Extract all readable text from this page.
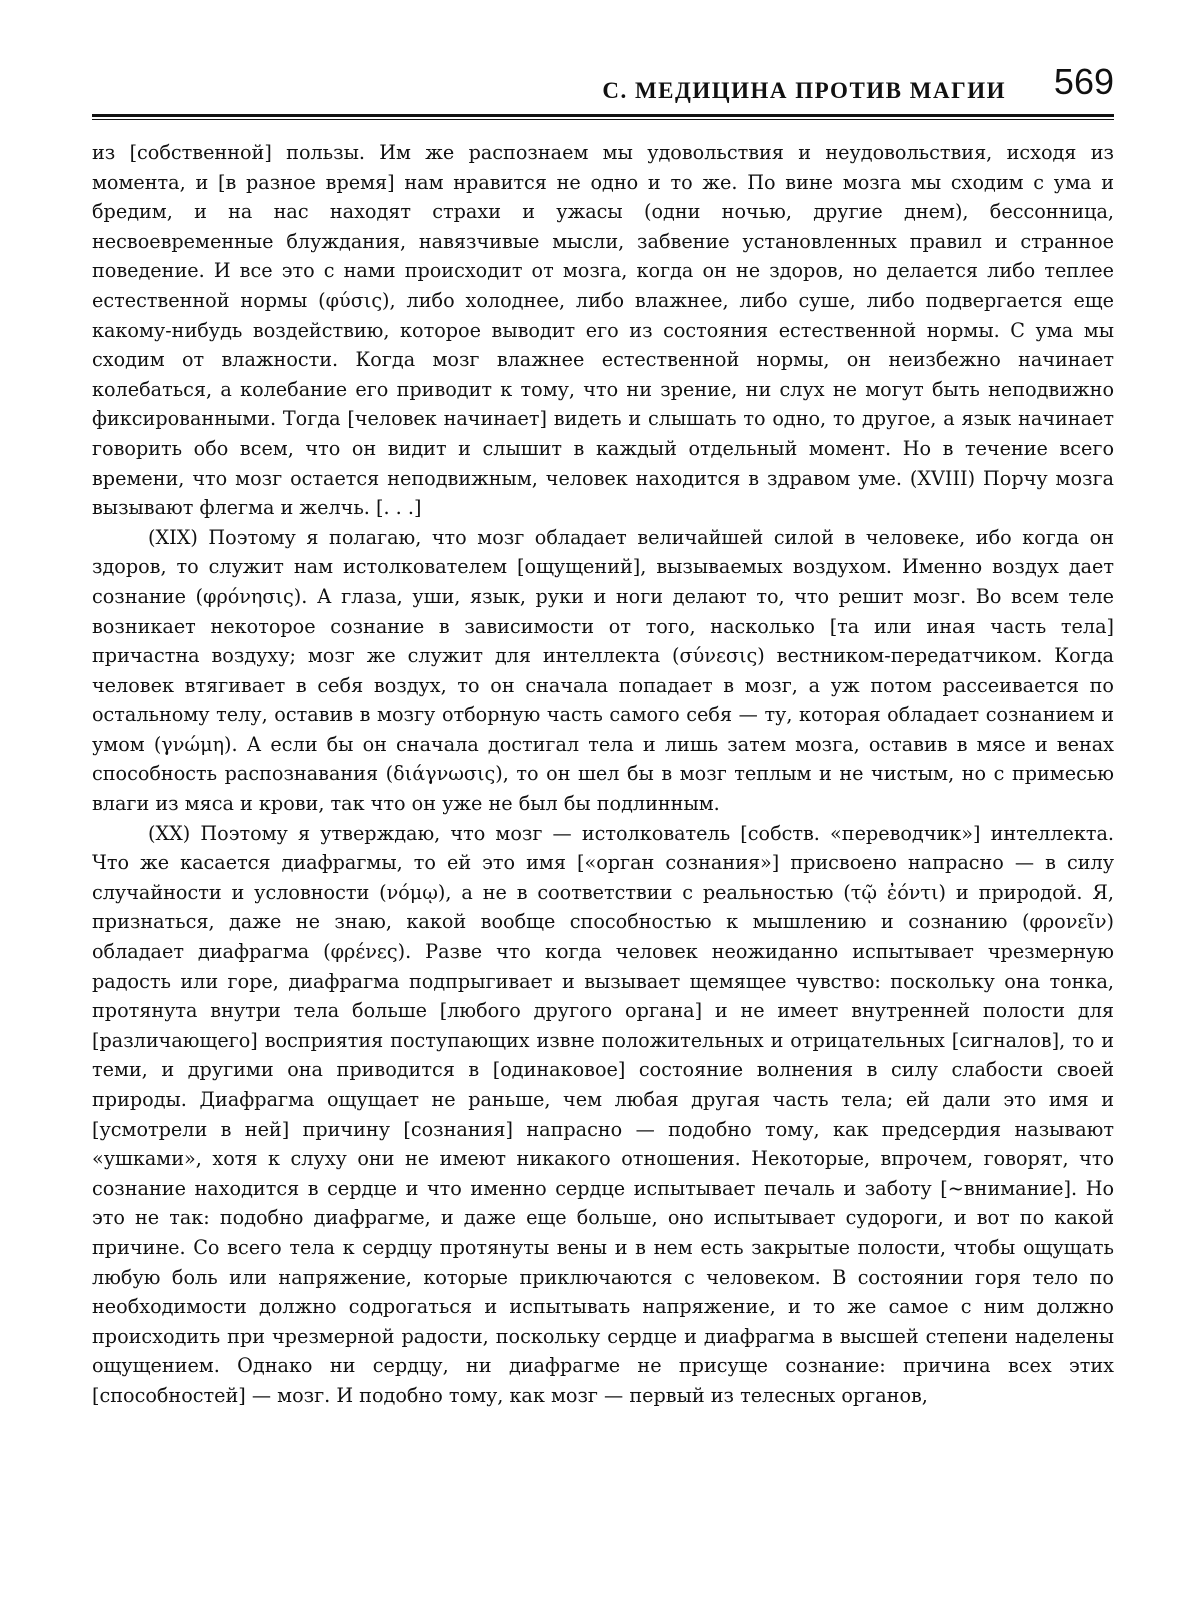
С. МЕДИЦИНА ПРОТИВ МАГИИ 569

из [собственной] пользы. Им же распознаем мы удовольствия и неудовольствия, исходя из момента, и [в разное время] нам нравится не одно и то же. По вине мозга мы сходим с ума и бредим, и на нас находят страхи и ужасы (одни ночью, другие днем), бессонница, несвоевременные блуждания, навязчивые мысли, забвение установленных правил и странное поведение. И все это с нами происходит от мозга, когда он не здоров, но делается либо теплее естественной нормы (φύσις), либо холоднее, либо влажнее, либо суше, либо подвергается еще какому-нибудь воздействию, которое выводит его из состояния естественной нормы. С ума мы сходим от влажности. Когда мозг влажнее естественной нормы, он неизбежно начинает колебаться, а колебание его приводит к тому, что ни зрение, ни слух не могут быть неподвижно фиксированными. Тогда [человек начинает] видеть и слышать то одно, то другое, а язык начинает говорить обо всем, что он видит и слышит в каждый отдельный момент. Но в течение всего времени, что мозг остается неподвижным, человек находится в здравом уме. (XVIII) Порчу мозга вызывают флегма и желчь. [. . .]

(XIX) Поэтому я полагаю, что мозг обладает величайшей силой в человеке, ибо когда он здоров, то служит нам истолкователем [ощущений], вызываемых воздухом. Именно воздух дает сознание (φρόνησις). А глаза, уши, язык, руки и ноги делают то, что решит мозг. Во всем теле возникает некоторое сознание в зависимости от того, насколько [та или иная часть тела] причастна воздуху; мозг же служит для интеллекта (σύνεσις) вестником-передатчиком. Когда человек втягивает в себя воздух, то он сначала попадает в мозг, а уж потом рассеивается по остальному телу, оставив в мозгу отборную часть самого себя — ту, которая обладает сознанием и умом (γνώμη). А если бы он сначала достигал тела и лишь затем мозга, оставив в мясе и венах способность распознавания (διάγνωσις), то он шел бы в мозг теплым и не чистым, но с примесью влаги из мяса и крови, так что он уже не был бы подлинным.

(XX) Поэтому я утверждаю, что мозг — истолкователь [собств. «переводчик»] интеллекта. Что же касается диафрагмы, то ей это имя [«орган сознания»] присвоено напрасно — в силу случайности и условности (νόμῳ), а не в соответствии с реальностью (τῷ ἐόντι) и природой. Я, признаться, даже не знаю, какой вообще способностью к мышлению и сознанию (φρονεῖν) обладает диафрагма (φρένες). Разве что когда человек неожиданно испытывает чрезмерную радость или горе, диафрагма подпрыгивает и вызывает щемящее чувство: поскольку она тонка, протянута внутри тела больше [любого другого органа] и не имеет внутренней полости для [различающего] восприятия поступающих извне положительных и отрицательных [сигналов], то и теми, и другими она приводится в [одинаковое] состояние волнения в силу слабости своей природы. Диафрагма ощущает не раньше, чем любая другая часть тела; ей дали это имя и [усмотрели в ней] причину [сознания] напрасно — подобно тому, как предсердия называют «ушками», хотя к слуху они не имеют никакого отношения. Некоторые, впрочем, говорят, что сознание находится в сердце и что именно сердце испытывает печаль и заботу [~внимание]. Но это не так: подобно диафрагме, и даже еще больше, оно испытывает судороги, и вот по какой причине. Со всего тела к сердцу протянуты вены и в нем есть закрытые полости, чтобы ощущать любую боль или напряжение, которые приключаются с человеком. В состоянии горя тело по необходимости должно содрогаться и испытывать напряжение, и то же самое с ним должно происходить при чрезмерной радости, поскольку сердце и диафрагма в высшей степени наделены ощущением. Однако ни сердцу, ни диафрагме не присуще сознание: причина всех этих [способностей] — мозг. И подобно тому, как мозг — первый из телесных органов,
